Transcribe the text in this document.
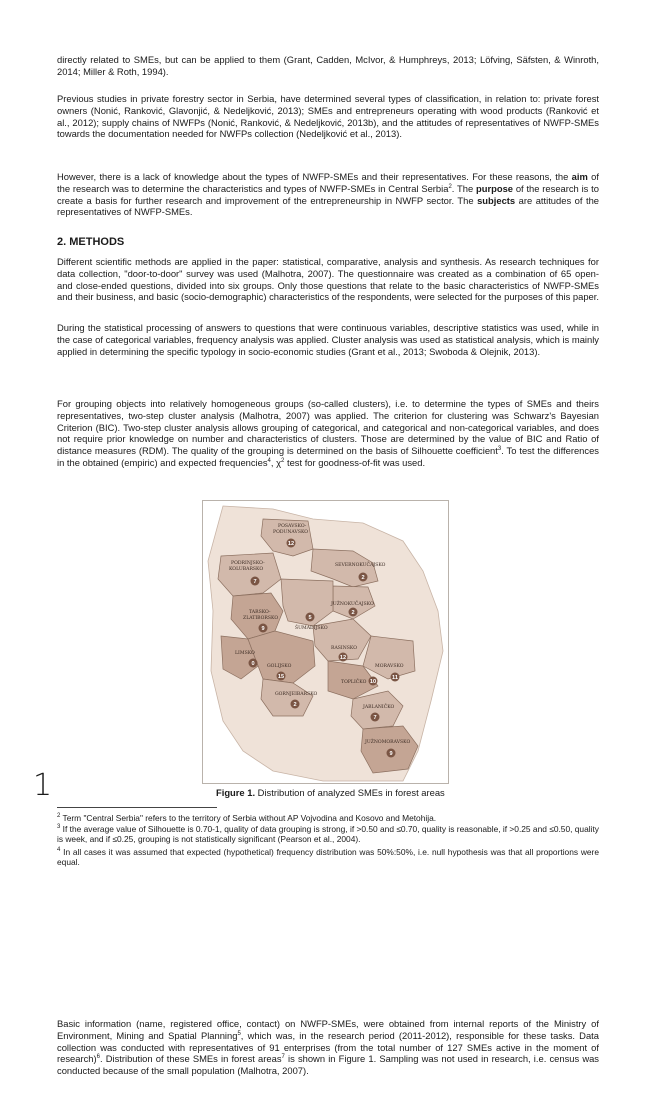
directly related to SMEs, but can be applied to them (Grant, Cadden, McIvor, & Humphreys, 2013; Löfving, Säfsten, & Winroth, 2014; Miller & Roth, 1994).

Previous studies in private forestry sector in Serbia, have determined several types of classification, in relation to: private forest owners (Nonić, Ranković, Glavonjić, & Nedeljković, 2013); SMEs and entrepreneurs operating with wood products (Ranković et al., 2012); supply chains of NWFPs (Nonić, Ranković, & Nedeljković, 2013b), and the attitudes of representatives of NWFP-SMEs towards the documentation needed for NWFPs collection (Nedeljković et al., 2013).

However, there is a lack of knowledge about the types of NWFP-SMEs and their representatives. For these reasons, the aim of the research was to determine the characteristics and types of NWFP-SMEs in Central Serbia$^2$. The purpose of the research is to create a basis for further research and improvement of the entrepreneurship in NWFP sector. The subjects are attitudes of the representatives of NWFP-SMEs.

2. METHODS

Different scientific methods are applied in the paper: statistical, comparative, analysis and synthesis. As research techniques for data collection, "door-to-door" survey was used (Malhotra, 2007). The questionnaire was created as a combination of 65 open- and close-ended questions, divided into six groups. Only those questions that relate to the basic characteristics of NWFP-SMEs and their business, and basic (socio-demographic) characteristics of the respondents, were selected for the purposes of this paper.

During the statistical processing of answers to questions that were continuous variables, descriptive statistics was used, while in the case of categorical variables, frequency analysis was applied. Cluster analysis was used as statistical analysis, which is mainly applied in determining the specific typology in socio-economic studies (Grant et al., 2013; Swoboda & Olejnik, 2013).

For grouping objects into relatively homogeneous groups (so-called clusters), i.e. to determine the types of SMEs and theirs representatives, two-step cluster analysis (Malhotra, 2007) was applied. The criterion for clustering was Schwarz's Bayesian Criterion (BIC). Two-step cluster analysis allows grouping of categorical, and categorical and non-categorical variables, and does not require prior knowledge on number and characteristics of clusters. Those are determined by the value of BIC and Ratio of distance measures (RDM). The quality of the grouping is determined on the basis of Silhouette coefficient$^3$. To test the differences in the obtained (empiric) and expected frequencies$^4$, $\chi^2$ test for goodness-of-fit was used.

POSAVSKO-
PODUNAVSKO
12
PODRINJSKO-
KOLUBARSKO
7
SEVERNOKUČAJSKO
2
JUŽNOKUČAJSKO
2
TARSKO-
ZLATIBORSKO
9	ŠUMADIJSKO
5
LIMSKO
0
RASINSKO
12
GOLIJSKO
15
MORAVSKO
11
TOPLIČKO 10
GORNJEIBARSKO
2	JABLANIČKO
7
JUŽNOMORAVSKO
9
1	Figure 1. Distribution of analyzed SMEs in forest areas

$^2$ Term "Central Serbia" refers to the territory of Serbia without AP Vojvodina and Kosovo and Metohija.

$^3$ If the average value of Silhouette is 0.70-1, quality of data grouping is strong, if >0.50 and ≤0.70, quality is reasonable, if >0.25 and ≤0.50, quality is week, and if ≤0.25, grouping is not statistically significant (Pearson et al., 2004).

$^4$ In all cases it was assumed that expected (hypothetical) frequency distribution was 50%:50%, i.e. null hypothesis was that all proportions were equal.

Basic information (name, registered office, contact) on NWFP-SMEs, were obtained from internal reports of the Ministry of Environment, Mining and Spatial Planning$^5$, which was, in the research period (2011-2012), responsible for these tasks. Data collection was conducted with representatives of 91 enterprises (from the total number of 127 SMEs active in the moment of research)$^6$. Distribution of these SMEs in forest areas$^7$ is shown in Figure 1. Sampling was not used in research, i.e. census was conducted because of the small population (Malhotra, 2007).
